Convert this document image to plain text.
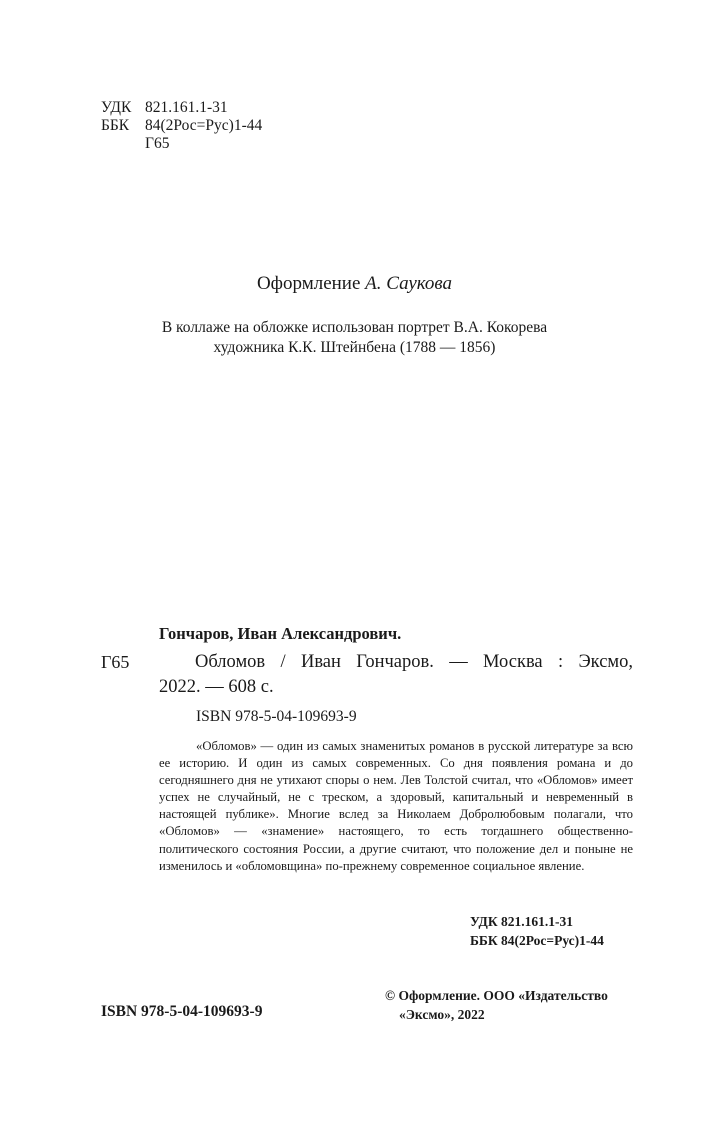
УДК 821.161.1-31
ББК	84(2Рос=Рус)1-44
Г65
Оформление А. Саукова
В коллаже на обложке использован портрет В.А. Кокорева
художника К.К. Штейнбена (1788 — 1856)
Гончаров, Иван Александрович.
Г65	Обломов / Иван Гончаров. — Москва : Эксмо,
2022. — 608 с.
ISBN 978-5-04-109693-9
«Обломов» — один из самых знаменитых романов в русской литературе за всю ее историю. И один из самых современных. Со дня появления романа и до сегодняшнего дня не утихают споры о нем. Лев Толстой считал, что «Обломов» имеет успех не случайный, не с треском, а здоровый, капитальный и невременный в настоящей публике». Многие вслед за Николаем Добролюбовым полагали, что «Обломов» — «знамение» настоящего, то есть тогдашнего общественно-политического состояния России, а другие считают, что положение дел и поныне не изменилось и «обломовщина» по-прежнему современное социальное явление.
УДК 821.161.1-31
ББК 84(2Рос=Рус)1-44
ISBN 978-5-04-109693-9
© Оформление. ООО «Издательство
«Эксмо», 2022
